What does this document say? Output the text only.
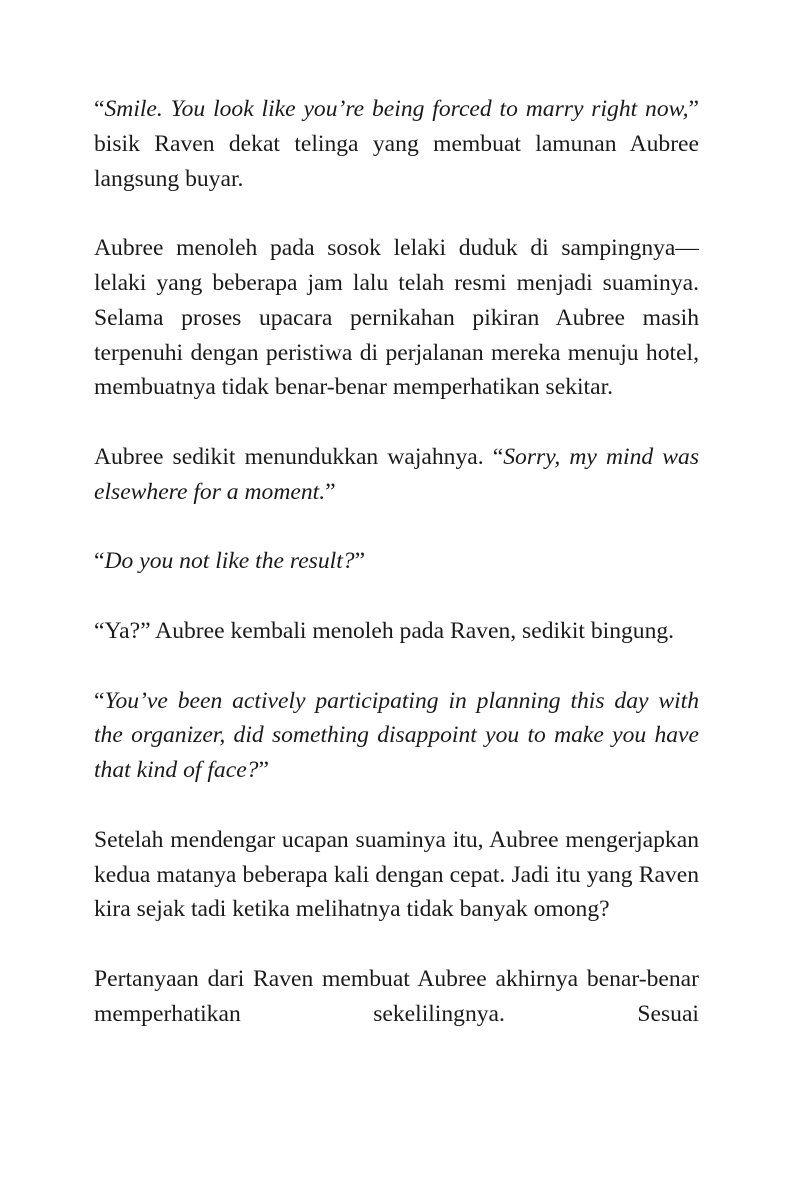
“Smile. You look like you’re being forced to marry right now,” bisik Raven dekat telinga yang membuat lamunan Aubree langsung buyar.

Aubree menoleh pada sosok lelaki duduk di sampingnya—lelaki yang beberapa jam lalu telah resmi menjadi suaminya. Selama proses upacara pernikahan pikiran Aubree masih terpenuhi dengan peristiwa di perjalanan mereka menuju hotel, membuatnya tidak benar-benar memperhatikan sekitar.

Aubree sedikit menundukkan wajahnya. “Sorry, my mind was elsewhere for a moment.”

“Do you not like the result?”

“Ya?” Aubree kembali menoleh pada Raven, sedikit bingung.

“You’ve been actively participating in planning this day with the organizer, did something disappoint you to make you have that kind of face?”

Setelah mendengar ucapan suaminya itu, Aubree mengerjapkan kedua matanya beberapa kali dengan cepat. Jadi itu yang Raven kira sejak tadi ketika melihatnya tidak banyak omong?

Pertanyaan dari Raven membuat Aubree akhirnya benar-benar memperhatikan sekelilingnya. Sesuai
